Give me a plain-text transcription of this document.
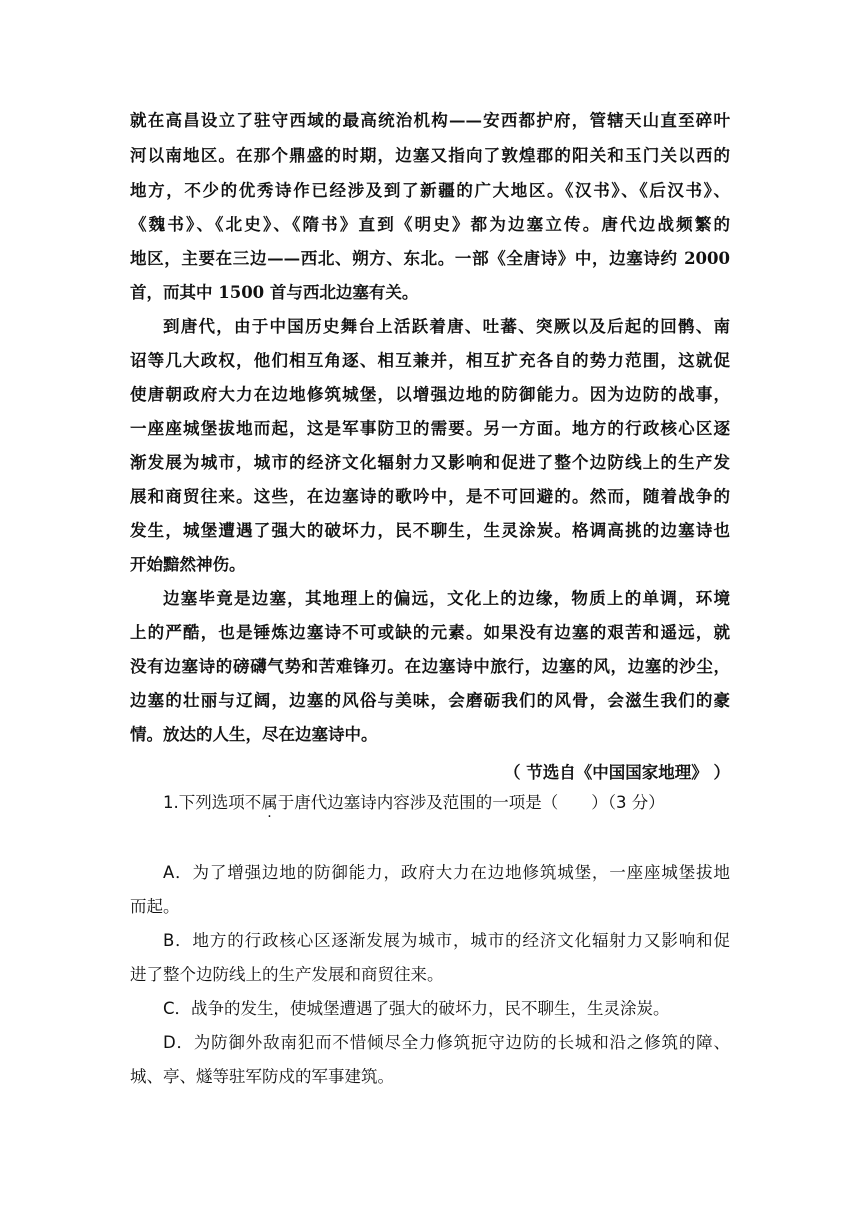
就在高昌设立了驻守西域的最高统治机构——安西都护府，管辖天山直至碎叶
河以南地区。在那个鼎盛的时期，边塞又指向了敦煌郡的阳关和玉门关以西的
地方，不少的优秀诗作已经涉及到了新疆的广大地区。《汉书》、《后汉书》、
《魏书》、《北史》、《隋书》直到《明史》都为边塞立传。唐代边战频繁的
地区，主要在三边——西北、朔方、东北。一部《全唐诗》中，边塞诗约 2000
首，而其中 1500 首与西北边塞有关。
到唐代，由于中国历史舞台上活跃着唐、吐蕃、突厥以及后起的回鹘、南
诏等几大政权，他们相互角逐、相互兼并，相互扩充各自的势力范围，这就促
使唐朝政府大力在边地修筑城堡，以增强边地的防御能力。因为边防的战事，
一座座城堡拔地而起，这是军事防卫的需要。另一方面。地方的行政核心区逐
渐发展为城市，城市的经济文化辐射力又影响和促进了整个边防线上的生产发
展和商贸往来。这些，在边塞诗的歌吟中，是不可回避的。然而，随着战争的
发生，城堡遭遇了强大的破坏力，民不聊生，生灵涂炭。格调高挑的边塞诗也
开始黯然神伤。
边塞毕竟是边塞，其地理上的偏远，文化上的边缘，物质上的单调，环境
上的严酷，也是锤炼边塞诗不可或缺的元素。如果没有边塞的艰苦和遥远，就
没有边塞诗的磅礴气势和苦难锋刃。在边塞诗中旅行，边塞的风，边塞的沙尘，
边塞的壮丽与辽阔，边塞的风俗与美味，会磨砺我们的风骨，会滋生我们的豪
情。放达的人生，尽在边塞诗中。
（ 节选自《中国国家地理》 ）
1.下列选项不属于唐代边塞诗内容涉及范围的一项是（　　）（3 分）
A．为了增强边地的防御能力，政府大力在边地修筑城堡，一座座城堡拔地
而起。
B．地方的行政核心区逐渐发展为城市，城市的经济文化辐射力又影响和促
进了整个边防线上的生产发展和商贸往来。
C．战争的发生，使城堡遭遇了强大的破坏力，民不聊生，生灵涂炭。
D．为防御外敌南犯而不惜倾尽全力修筑扼守边防的长城和沿之修筑的障、
城、亭、燧等驻军防戍的军事建筑。
